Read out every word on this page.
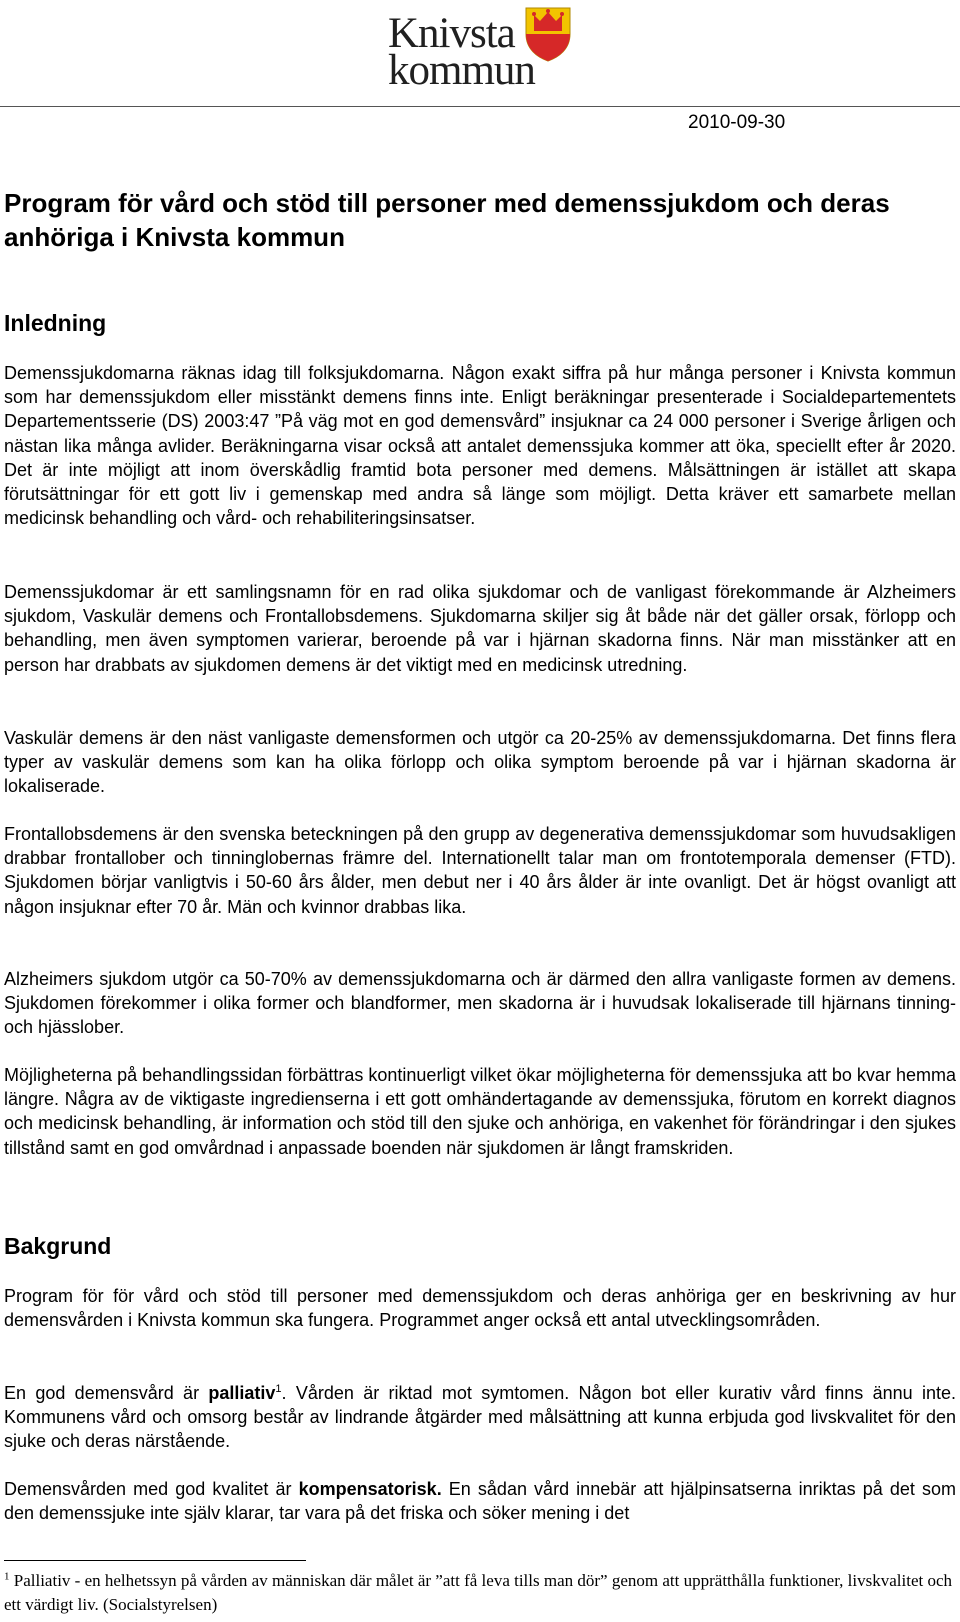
Knivsta
kommun
2010-09-30
Program för vård och stöd till personer med demenssjukdom och deras anhöriga i Knivsta kommun
Inledning

Demenssjukdomarna räknas idag till folksjukdomarna. Någon exakt siffra på hur många personer i Knivsta kommun som har demenssjukdom eller misstänkt demens finns inte. Enligt beräkningar presenterade i Socialdepartementets Departementsserie (DS) 2003:47 ”På väg mot en god demensvård” insjuknar ca 24 000 personer i Sverige årligen och nästan lika många avlider. Beräkningarna visar också att antalet demenssjuka kommer att öka, speciellt efter år 2020. Det är inte möjligt att inom överskådlig framtid bota personer med demens. Målsättningen är istället att skapa förutsättningar för ett gott liv i gemenskap med andra så länge som möjligt. Detta kräver ett samarbete mellan medicinsk behandling och vård- och rehabiliteringsinsatser.

Demenssjukdomar är ett samlingsnamn för en rad olika sjukdomar och de vanligast förekommande är Alzheimers sjukdom, Vaskulär demens och Frontallobsdemens. Sjukdomarna skiljer sig åt både när det gäller orsak, förlopp och behandling, men även symptomen varierar, beroende på var i hjärnan skadorna finns. När man misstänker att en person har drabbats av sjukdomen demens är det viktigt med en medicinsk utredning.

Vaskulär demens är den näst vanligaste demensformen och utgör ca 20-25% av demenssjukdomarna. Det finns flera typer av vaskulär demens som kan ha olika förlopp och olika symptom beroende på var i hjärnan skadorna är lokaliserade.

Frontallobsdemens är den svenska beteckningen på den grupp av degenerativa demenssjukdomar som huvudsakligen drabbar frontallober och tinninglobernas främre del. Internationellt talar man om frontotemporala demenser (FTD). Sjukdomen börjar vanligtvis i 50-60 års ålder, men debut ner i 40 års ålder är inte ovanligt. Det är högst ovanligt att någon insjuknar efter 70 år. Män och kvinnor drabbas lika.

Alzheimers sjukdom utgör ca 50-70% av demenssjukdomarna och är därmed den allra vanligaste formen av demens. Sjukdomen förekommer i olika former och blandformer, men skadorna är i huvudsak lokaliserade till hjärnans tinning- och hjässlober.

Möjligheterna på behandlingssidan förbättras kontinuerligt vilket ökar möjligheterna för demenssjuka att bo kvar hemma längre. Några av de viktigaste ingredienserna i ett gott omhändertagande av demenssjuka, förutom en korrekt diagnos och medicinsk behandling, är information och stöd till den sjuke och anhöriga, en vakenhet för förändringar i den sjukes tillstånd samt en god omvårdnad i anpassade boenden när sjukdomen är långt framskriden.

Bakgrund

Program för för vård och stöd till personer med demenssjukdom och deras anhöriga ger en beskrivning av hur demensvården i Knivsta kommun ska fungera. Programmet anger också ett antal utvecklingsområden.

En god demensvård är palliativ$^1$. Vården är riktad mot symtomen. Någon bot eller kurativ vård finns ännu inte. Kommunens vård och omsorg består av lindrande åtgärder med målsättning att kunna erbjuda god livskvalitet för den sjuke och deras närstående.

Demensvården med god kvalitet är kompensatorisk. En sådan vård innebär att hjälpinsatserna inriktas på det som den demenssjuke inte själv klarar, tar vara på det friska och söker mening i det

$^1$ Palliativ - en helhetssyn på vården av människan där målet är ”att få leva tills man dör” genom att upprätthålla funktioner, livskvalitet och ett värdigt liv. (Socialstyrelsen)
